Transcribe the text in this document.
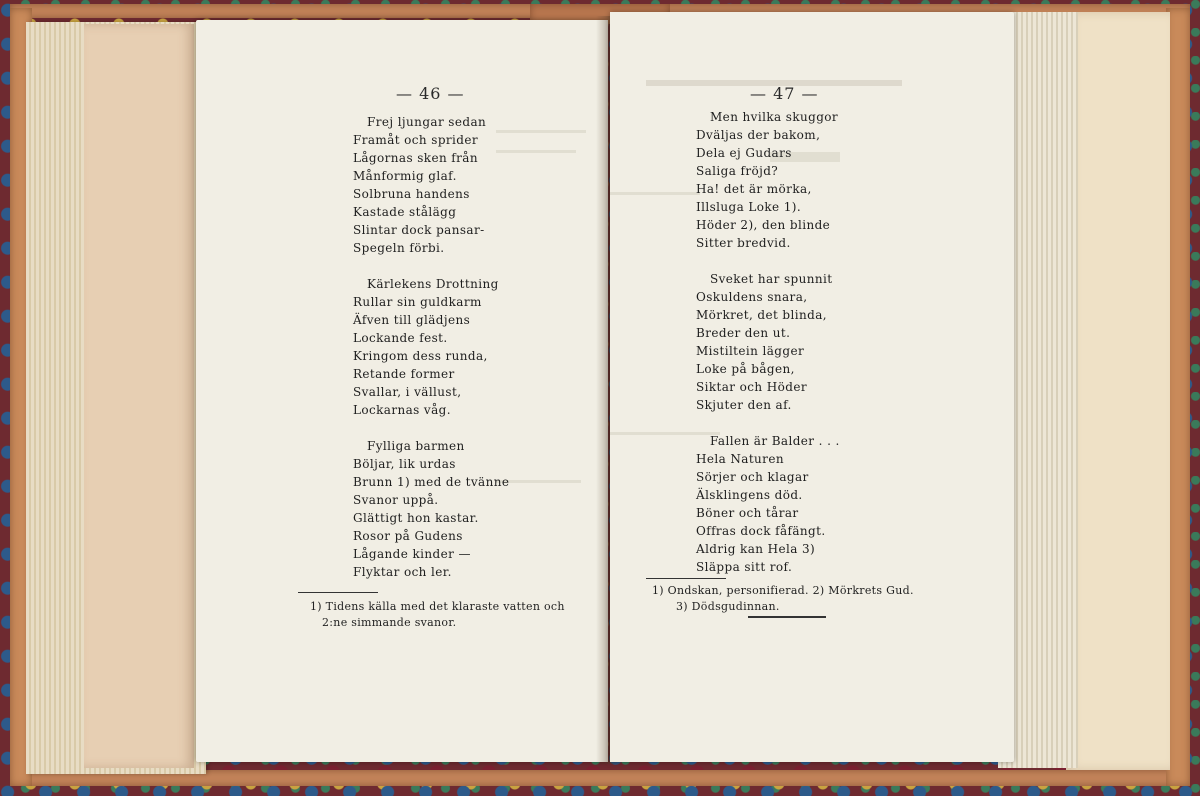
— 46 —
Frej ljungar sedan
Framåt och sprider
Lågornas sken från
Månformig glaf.
Solbruna handens
Kastade stålägg
Slintar dock pansar-
Spegeln förbi.
Kärlekens Drottning
Rullar sin guldkarm
Äfven till glädjens
Lockande fest.
Kringom dess runda,
Retande former
Svallar, i vällust,
Lockarnas våg.
Fylliga barmen
Böljar, lik urdas
Brunn 1) med de tvänne
Svanor uppå.
Glättigt hon kastar.
Rosor på Gudens
Lågande kinder —
Flyktar och ler.
1) Tidens källa med det klaraste vatten och
2:ne simmande svanor.
— 47 —
Men hvilka skuggor
Dväljas der bakom,
Dela ej Gudars
Saliga fröjd?
Ha! det är mörka,
Illsluga Loke 1).
Höder 2), den blinde
Sitter bredvid.
Sveket har spunnit
Oskuldens snara,
Mörkret, det blinda,
Breder den ut.
Mistiltein lägger
Loke på bågen,
Siktar och Höder
Skjuter den af.
Fallen är Balder . . .
Hela Naturen
Sörjer och klagar
Älsklingens död.
Böner och tårar
Offras dock fåfängt.
Aldrig kan Hela 3)
Släppa sitt rof.
1) Ondskan, personifierad. 2) Mörkrets Gud.
3) Dödsgudinnan.
